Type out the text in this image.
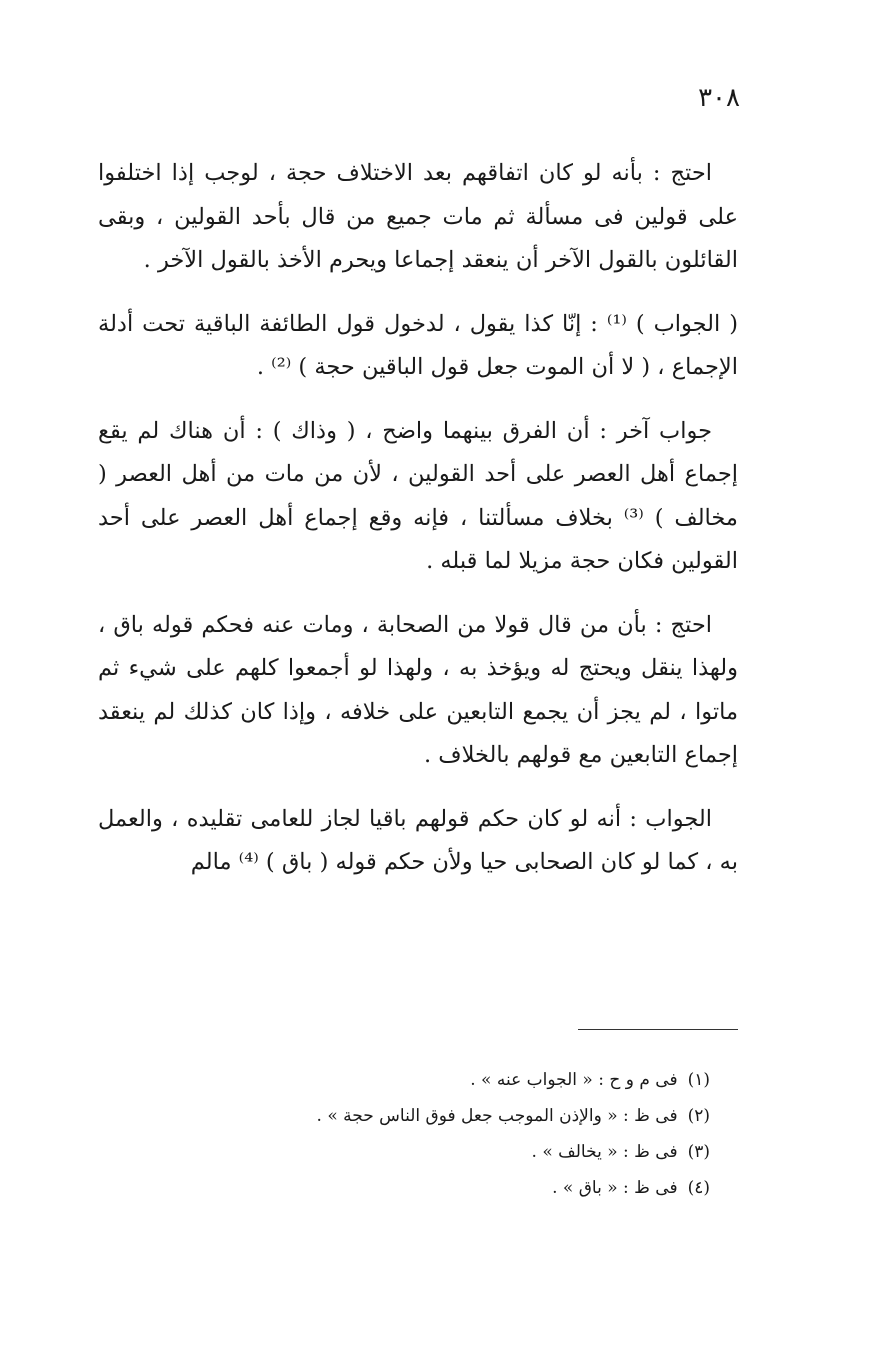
٣٠٨

احتج : بأنه لو كان اتفاقهم بعد الاختلاف حجة ، لوجب إذا اختلفوا على قولين فى مسألة ثم مات جميع من قال بأحد القولين ، وبقى القائلون بالقول الآخر أن ينعقد إجماعا ويحرم الأخذ بالقول الآخر .

( الجواب ) ⁽¹⁾ : إنّا كذا يقول ، لدخول قول الطائفة الباقية تحت أدلة الإجماع ، ( لا أن الموت جعل قول الباقين حجة ) ⁽²⁾ .

جواب آخر : أن الفرق بينهما واضح ، ( وذاك ) : أن هناك لم يقع إجماع أهل العصر على أحد القولين ، لأن من مات من أهل العصر ( مخالف ) ⁽³⁾ بخلاف مسألتنا ، فإنه وقع إجماع أهل العصر على أحد القولين فكان حجة مزيلا لما قبله .

احتج : بأن من قال قولا من الصحابة ، ومات عنه فحكم قوله باق ، ولهذا ينقل ويحتج له ويؤخذ به ، ولهذا لو أجمعوا كلهم على شيء ثم ماتوا ، لم يجز أن يجمع التابعين على خلافه ، وإذا كان كذلك لم ينعقد إجماع التابعين مع قولهم بالخلاف .

الجواب : أنه لو كان حكم قولهم باقيا لجاز للعامى تقليده ، والعمل به ، كما لو كان الصحابى حيا ولأن حكم قوله ( باق ) ⁽⁴⁾ مالم

(١)فى م و ح : « الجواب عنه » .
(٢)فى ظ : « والإذن الموجب جعل فوق الناس حجة » .
(٣)فى ظ : « يخالف » .
(٤)فى ظ : « باق » .
